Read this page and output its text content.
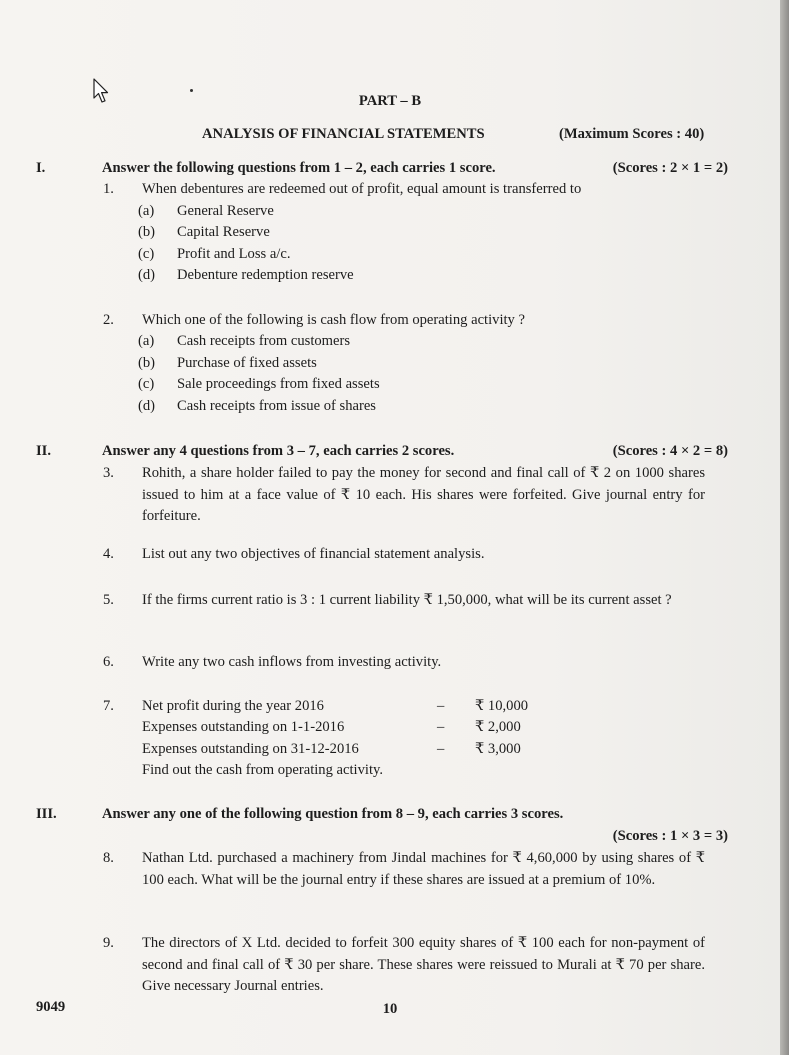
PART – B
ANALYSIS OF FINANCIAL STATEMENTS	(Maximum Scores : 40)
I.	Answer the following questions from 1 – 2, each carries 1 score.	(Scores : 2 × 1 = 2)
1. When debentures are redeemed out of profit, equal amount is transferred to
(a) General Reserve
(b) Capital Reserve
(c) Profit and Loss a/c.
(d) Debenture redemption reserve
2. Which one of the following is cash flow from operating activity ?
(a) Cash receipts from customers
(b) Purchase of fixed assets
(c) Sale proceedings from fixed assets
(d) Cash receipts from issue of shares
II.	Answer any 4 questions from 3 – 7, each carries 2 scores.	(Scores : 4 × 2 = 8)
3. Rohith, a share holder failed to pay the money for second and final call of ₹ 2 on 1000 shares issued to him at a face value of ₹ 10 each. His shares were forfeited. Give journal entry for forfeiture.
4. List out any two objectives of financial statement analysis.
5. If the firms current ratio is 3 : 1 current liability ₹ 1,50,000, what will be its current asset ?
6. Write any two cash inflows from investing activity.
7. Net profit during the year 2016	– ₹ 10,000
Expenses outstanding on 1-1-2016	– ₹ 2,000
Expenses outstanding on 31-12-2016	– ₹ 3,000
Find out the cash from operating activity.
III.	Answer any one of the following question from 8 – 9, each carries 3 scores.
(Scores : 1 × 3 = 3)
8. Nathan Ltd. purchased a machinery from Jindal machines for ₹ 4,60,000 by using shares of ₹ 100 each. What will be the journal entry if these shares are issued at a premium of 10%.
9. The directors of X Ltd. decided to forfeit 300 equity shares of ₹ 100 each for non-payment of second and final call of ₹ 30 per share. These shares were reissued to Murali at ₹ 70 per share. Give necessary Journal entries.
9049	10
